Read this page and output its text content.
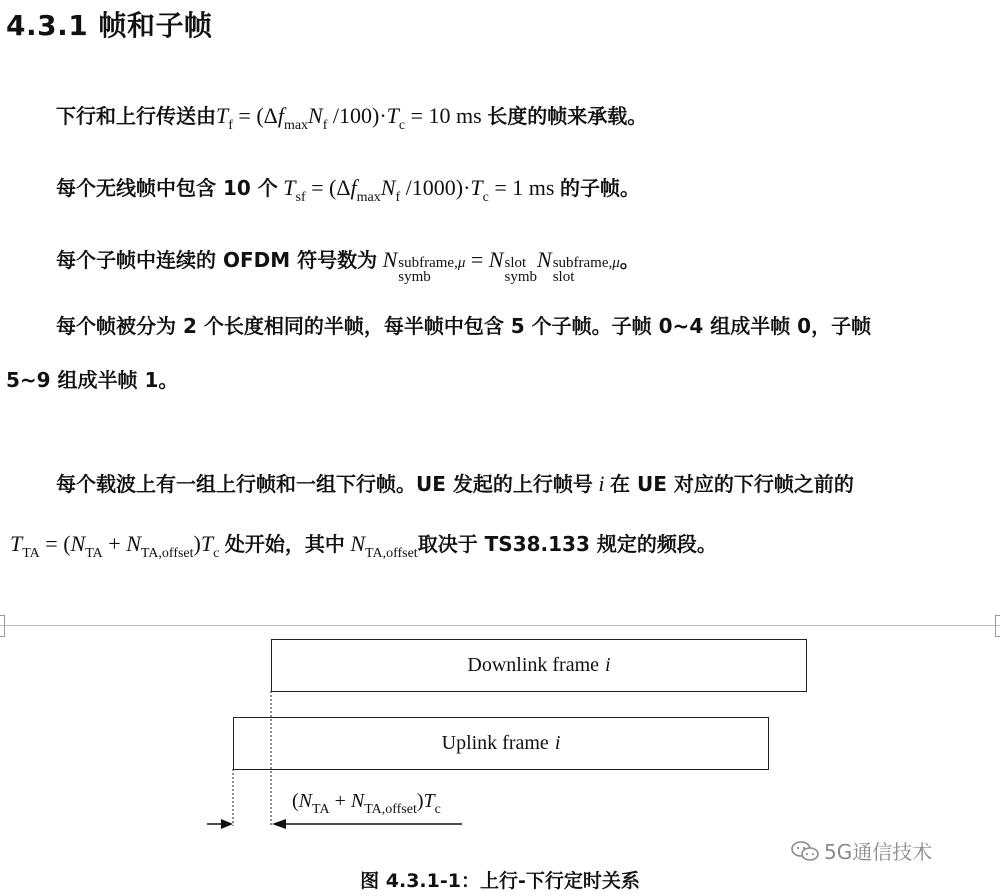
4.3.1 帧和子帧
下行和上行传送由$T_f = (\Delta f_{max}N_f$ $/100)\cdot T_c = 10$ ms 长度的帧来承载。
每个无线帧中包含 10 个 $T_{sf} = (\Delta f_{max}N_f$ $/1000)\cdot T_c = 1$ ms 的子帧。
每个子帧中连续的 OFDM 符号数为 N subframe,μ
symb
= N slot
symb
N subframe,μ
slot
。
每个帧被分为 2 个长度相同的半帧，每半帧中包含 5 个子帧。子帧 0~4 组成半帧 0，子帧
5~9 组成半帧 1。
每个载波上有一组上行帧和一组下行帧。UE 发起的上行帧号 i 在 UE 对应的下行帧之前的
$T_{TA} = (N_{TA} + N_{TA,offset})T_c$ 处开始，其中 $N_{TA,offset}$取决于 TS38.133 规定的频段。
Downlink frame i
Uplink frame i
$(N_{TA} + N_{TA,offset})T_c$
5G通信技术
图 4.3.1-1：上行-下行定时关系
